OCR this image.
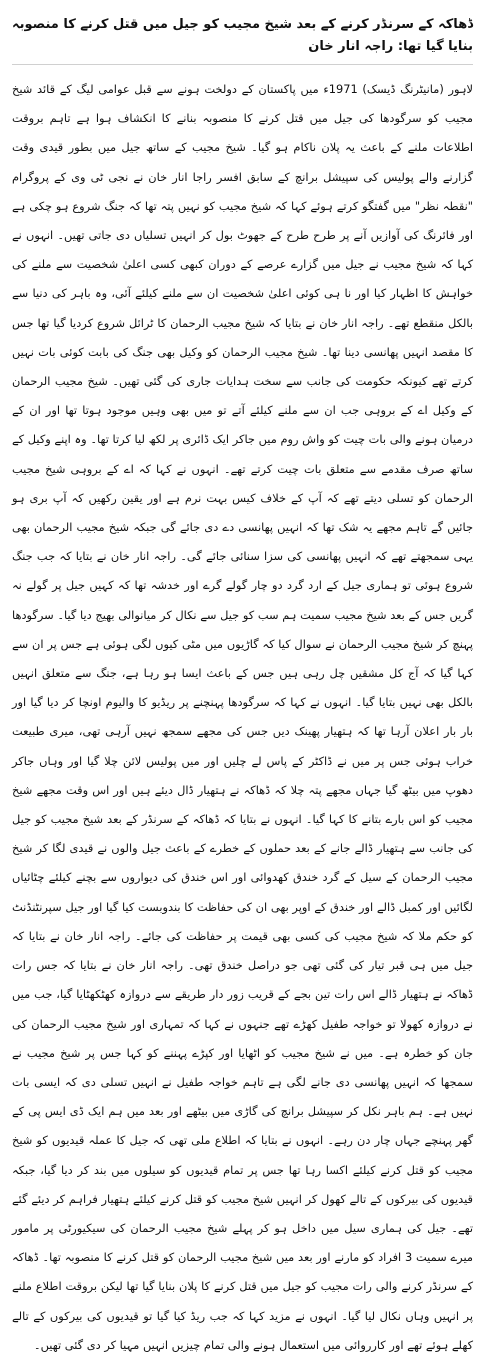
ڈھاکہ کے سرنڈر کرنے کے بعد شیخ مجیب کو جیل میں قتل کرنے کا منصوبہ بنایا گیا تھا: راجہ انار خان

لاہور (مانیٹرنگ ڈیسک) 1971ء میں پاکستان کے دولخت ہونے سے قبل عوامی لیگ کے قائد شیخ مجیب کو سرگودھا کی جیل میں قتل کرنے کا منصوبہ بنانے کا انکشاف ہوا ہے تاہم بروقت اطلاعات ملنے کے باعث یہ پلان ناکام ہو گیا۔ شیخ مجیب کے ساتھ جیل میں بطور قیدی وقت گزارنے والے پولیس کی سپیشل برانچ کے سابق افسر راجا انار خان نے نجی ٹی وی کے پروگرام "نقطہ نظر" میں گفتگو کرتے ہوئے کہا کہ شیخ مجیب کو نہیں پتہ تھا کہ جنگ شروع ہو چکی ہے اور فائرنگ کی آوازیں آنے پر طرح طرح کے جھوٹ بول کر انہیں تسلیاں دی جاتی تھیں۔ انہوں نے کہا کہ شیخ مجیب نے جیل میں گزارے عرصے کے دوران کبھی کسی اعلیٰ شخصیت سے ملنے کی خواہش کا اظہار کیا اور نا ہی کوئی اعلیٰ شخصیت ان سے ملنے کیلئے آئی، وہ باہر کی دنیا سے بالکل منقطع تھے۔ راجہ انار خان نے بتایا کہ شیخ مجیب الرحمان کا ٹرائل شروع کردیا گیا تھا جس کا مقصد انہیں پھانسی دینا تھا۔ شیخ مجیب الرحمان کو وکیل بھی جنگ کی بابت کوئی بات نہیں کرتے تھے کیونکہ حکومت کی جانب سے سخت ہدایات جاری کی گئی تھیں۔ شیخ مجیب الرحمان کے وکیل اے کے بروہی جب ان سے ملنے کیلئے آتے تو میں بھی وہیں موجود ہوتا تھا اور ان کے درمیان ہونے والی بات چیت کو واش روم میں جاکر ایک ڈائری پر لکھ لیا کرتا تھا۔ وہ اپنے وکیل کے ساتھ صرف مقدمے سے متعلق بات چیت کرتے تھے۔ انہوں نے کہا کہ اے کے بروہی شیخ مجیب الرحمان کو تسلی دیتے تھے کہ آپ کے خلاف کیس بہت نرم ہے اور یقین رکھیں کہ آپ بری ہو جائیں گے تاہم مجھے یہ شک تھا کہ انہیں پھانسی دے دی جائے گی جبکہ شیخ مجیب الرحمان بھی یہی سمجھتے تھے کہ انہیں پھانسی کی سزا سنائی جائے گی۔ راجہ انار خان نے بتایا کہ جب جنگ شروع ہوئی تو ہماری جیل کے ارد گرد دو چار گولے گرے اور خدشہ تھا کہ کہیں جیل پر گولے نہ گریں جس کے بعد شیخ مجیب سمیت ہم سب کو جیل سے نکال کر میانوالی بھیج دیا گیا۔ سرگودھا پہنچ کر شیخ مجیب الرحمان نے سوال کیا کہ گاڑیوں میں مٹی کیوں لگی ہوئی ہے جس پر ان سے کہا گیا کہ آج کل مشقیں چل رہی ہیں جس کے باعث ایسا ہو رہا ہے، جنگ سے متعلق انہیں بالکل بھی نہیں بتایا گیا۔ انہوں نے کہا کہ سرگودھا پہنچنے پر ریڈیو کا والیوم اونچا کر دیا گیا اور بار بار اعلان آرہا تھا کہ ہتھیار پھینک دیں جس کی مجھے سمجھ نہیں آرہی تھی، میری طبیعت خراب ہوئی جس پر میں نے ڈاکٹر کے پاس لے چلیں اور میں پولیس لائن چلا گیا اور وہاں جاکر دھوپ میں بیٹھ گیا جہاں مجھے پتہ چلا کہ ڈھاکہ نے ہتھیار ڈال دیئے ہیں اور اس وقت مجھے شیخ مجیب کو اس بارے بتانے کا کہا گیا۔ انہوں نے بتایا کہ ڈھاکہ کے سرنڈر کے بعد شیخ مجیب کو جیل کی جانب سے ہتھیار ڈالے جانے کے بعد حملوں کے خطرے کے باعث جیل والوں نے قیدی لگا کر شیخ مجیب الرحمان کے سیل کے گرد خندق کھدوائی اور اس خندق کی دیواروں سے بچنے کیلئے چٹائیاں لگائیں اور کمبل ڈالے اور خندق کے اوپر بھی ان کی حفاظت کا بندوبست کیا گیا اور جیل سپرنٹنڈنٹ کو حکم ملا کہ شیخ مجیب کی کسی بھی قیمت پر حفاظت کی جائے۔ راجہ انار خان نے بتایا کہ جیل میں ہی قبر تیار کی گئی تھی جو دراصل خندق تھی۔ راجہ انار خان نے بتایا کہ جس رات ڈھاکہ نے ہتھیار ڈالے اس رات تین بجے کے قریب زور دار طریقے سے دروازہ کھٹکھٹایا گیا، جب میں نے دروازہ کھولا تو خواجہ طفیل کھڑے تھے جنہوں نے کہا کہ تمہاری اور شیخ مجیب الرحمان کی جان کو خطرہ ہے۔ میں نے شیخ مجیب کو اٹھایا اور کپڑے پہننے کو کہا جس پر شیخ مجیب نے سمجھا کہ انہیں پھانسی دی جانے لگی ہے تاہم خواجہ طفیل نے انہیں تسلی دی کہ ایسی بات نہیں ہے۔ ہم باہر نکل کر سپیشل برانچ کی گاڑی میں بیٹھے اور بعد میں ہم ایک ڈی ایس پی کے گھر پہنچے جہاں چار دن رہے۔ انہوں نے بتایا کہ اطلاع ملی تھی کہ جیل کا عملہ قیدیوں کو شیخ مجیب کو قتل کرنے کیلئے اکسا رہا تھا جس پر تمام قیدیوں کو سیلوں میں بند کر دیا گیا، جبکہ قیدیوں کی بیرکوں کے تالے کھول کر انہیں شیخ مجیب کو قتل کرنے کیلئے ہتھیار فراہم کر دیئے گئے تھے۔ جیل کی ہماری سیل میں داخل ہو کر پہلے شیخ مجیب الرحمان کی سیکیورٹی پر مامور میرے سمیت 3 افراد کو مارنے اور بعد میں شیخ مجیب الرحمان کو قتل کرنے کا منصوبہ تھا۔ ڈھاکہ کے سرنڈر کرنے والی رات مجیب کو جیل میں قتل کرنے کا پلان بنایا گیا تھا لیکن بروقت اطلاع ملنے پر انہیں وہاں نکال لیا گیا۔ انہوں نے مزید کہا کہ جب ریڈ کیا گیا تو قیدیوں کی بیرکوں کے تالے کھلے ہوئے تھے اور کارروائی میں استعمال ہونے والی تمام چیزیں انہیں مہیا کر دی گئی تھیں۔
